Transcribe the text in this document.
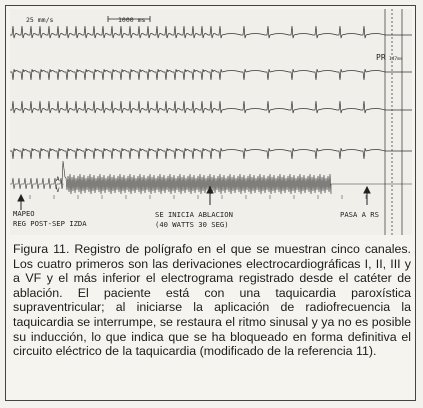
25 mm/s	1000 ms
PR 147ms
A
V
MAPEO
REG POST-SEP IZDA
SE INICIA ABLACION
(40 WATTS 30 SEG)
PASA A RS

Figura 11. Registro de polígrafo en el que se muestran cinco canales. Los cuatro primeros son las derivaciones electrocardiográficas I, II, III y a VF y el más inferior el electrograma registrado desde el catéter de ablación. El paciente está con una taquicardia paroxística supraventricular; al iniciarse la aplicación de radiofrecuencia la taquicardia se interrumpe, se restaura el ritmo sinusal y ya no es posible su inducción, lo que indica que se ha bloqueado en forma definitiva el circuito eléctrico de la taquicardia (modificado de la referencia 11).
